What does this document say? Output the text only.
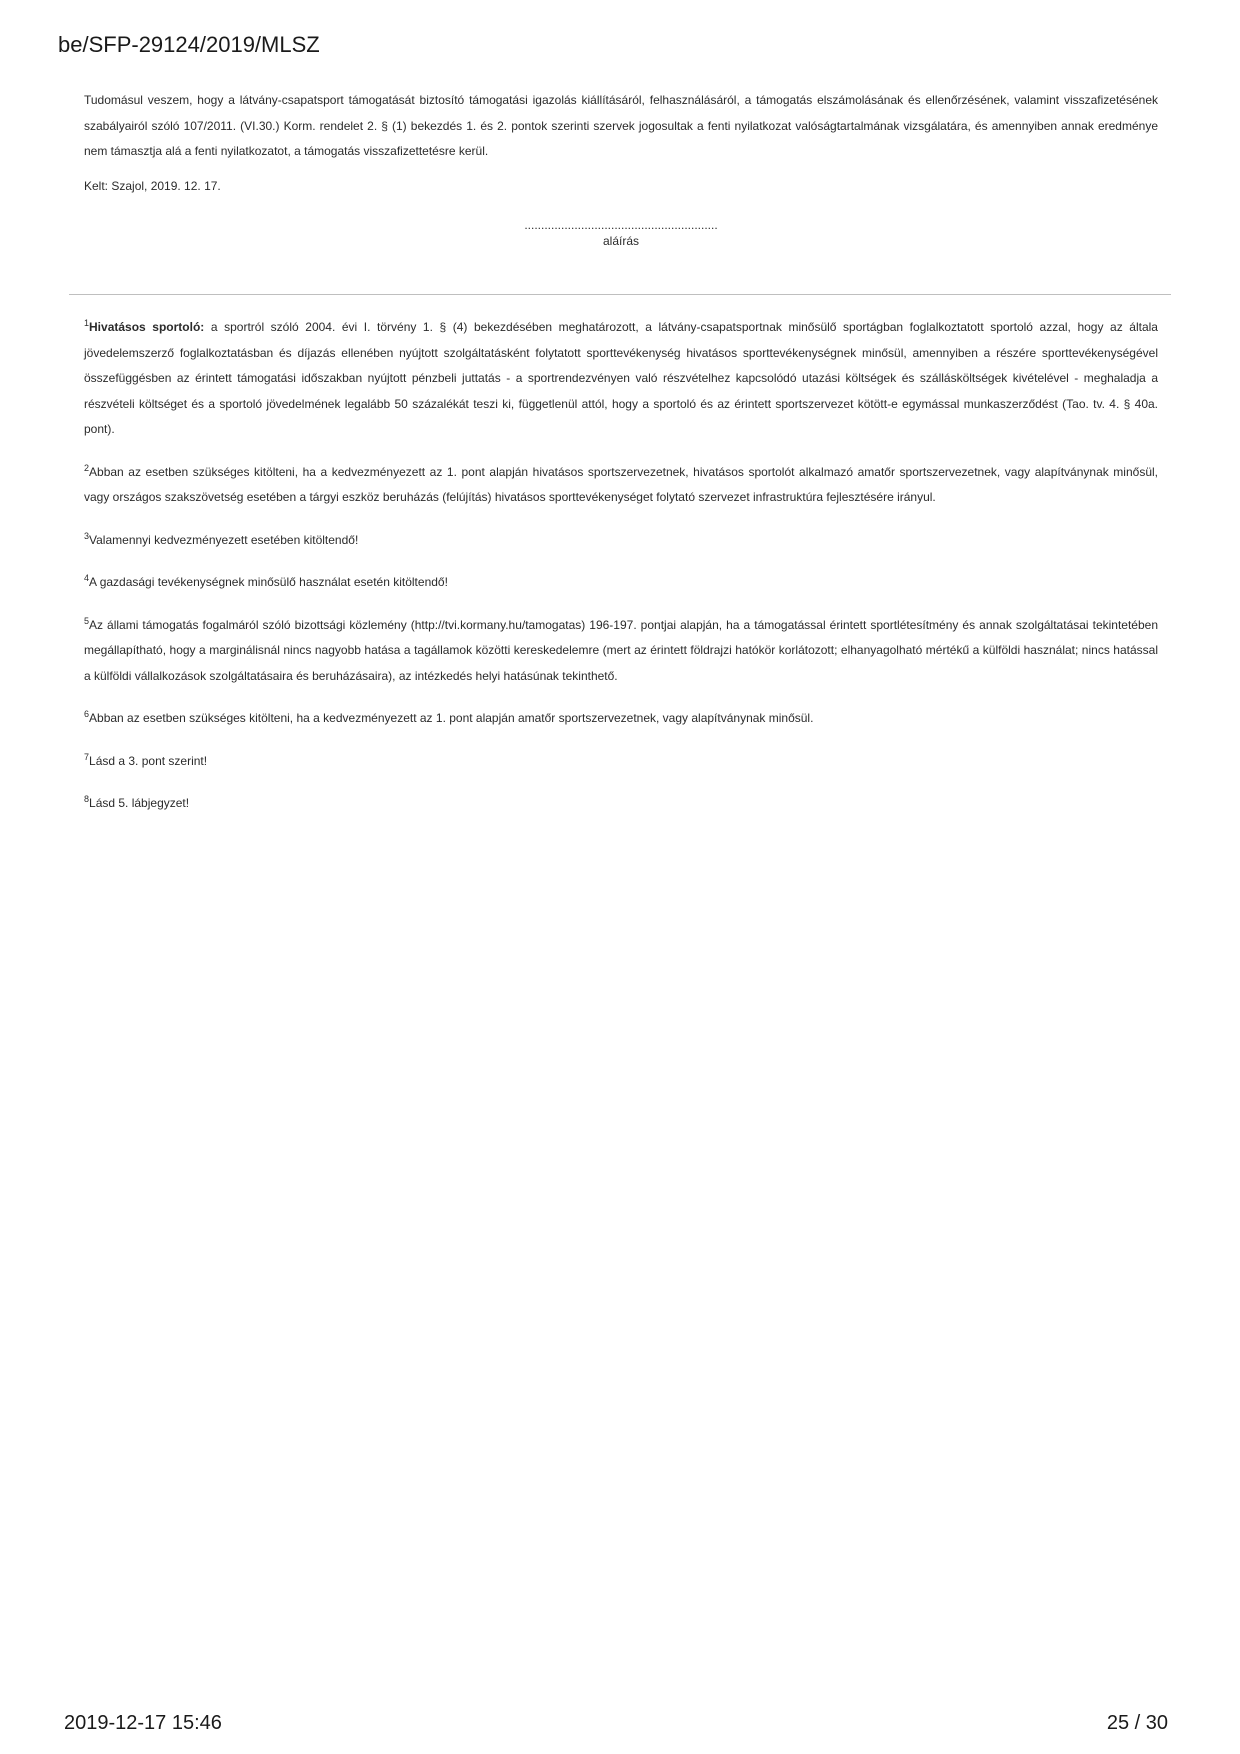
be/SFP-29124/2019/MLSZ

Tudomásul veszem, hogy a látvány-csapatsport támogatását biztosító támogatási igazolás kiállításáról, felhasználásáról, a támogatás elszámolásának és ellenőrzésének, valamint visszafizetésének szabályairól szóló 107/2011. (VI.30.) Korm. rendelet 2. § (1) bekezdés 1. és 2. pontok szerinti szervek jogosultak a fenti nyilatkozat valóságtartalmának vizsgálatára, és amennyiben annak eredménye nem támasztja alá a fenti nyilatkozatot, a támogatás visszafizettetésre kerül.

Kelt: Szajol, 2019. 12. 17.

..........................................................
aláírás

$^1$Hivatásos sportoló: a sportról szóló 2004. évi I. törvény 1. § (4) bekezdésében meghatározott, a látvány-csapatsportnak minősülő sportágban foglalkoztatott sportoló azzal, hogy az általa jövedelemszerző foglalkoztatásban és díjazás ellenében nyújtott szolgáltatásként folytatott sporttevékenység hivatásos sporttevékenységnek minősül, amennyiben a részére sporttevékenységével összefüggésben az érintett támogatási időszakban nyújtott pénzbeli juttatás - a sportrendezvényen való részvételhez kapcsolódó utazási költségek és szállásköltségek kivételével - meghaladja a részvételi költséget és a sportoló jövedelmének legalább 50 százalékát teszi ki, függetlenül attól, hogy a sportoló és az érintett sportszervezet kötött-e egymással munkaszerződést (Tao. tv. 4. § 40a. pont).

$^2$Abban az esetben szükséges kitölteni, ha a kedvezményezett az 1. pont alapján hivatásos sportszervezetnek, hivatásos sportolót alkalmazó amatőr sportszervezetnek, vagy alapítványnak minősül, vagy országos szakszövetség esetében a tárgyi eszköz beruházás (felújítás) hivatásos sporttevékenységet folytató szervezet infrastruktúra fejlesztésére irányul.

$^3$Valamennyi kedvezményezett esetében kitöltendő!

$^4$A gazdasági tevékenységnek minősülő használat esetén kitöltendő!

$^5$Az állami támogatás fogalmáról szóló bizottsági közlemény (http://tvi.kormany.hu/tamogatas) 196-197. pontjai alapján, ha a támogatással érintett sportlétesítmény és annak szolgáltatásai tekintetében megállapítható, hogy a marginálisnál nincs nagyobb hatása a tagállamok közötti kereskedelemre (mert az érintett földrajzi hatókör korlátozott; elhanyagolható mértékű a külföldi használat; nincs hatással a külföldi vállalkozások szolgáltatásaira és beruházásaira), az intézkedés helyi hatásúnak tekinthető.

$^6$Abban az esetben szükséges kitölteni, ha a kedvezményezett az 1. pont alapján amatőr sportszervezetnek, vagy alapítványnak minősül.

$^7$Lásd a 3. pont szerint!

$^8$Lásd 5. lábjegyzet!

2019-12-17 15:46	25 / 30
